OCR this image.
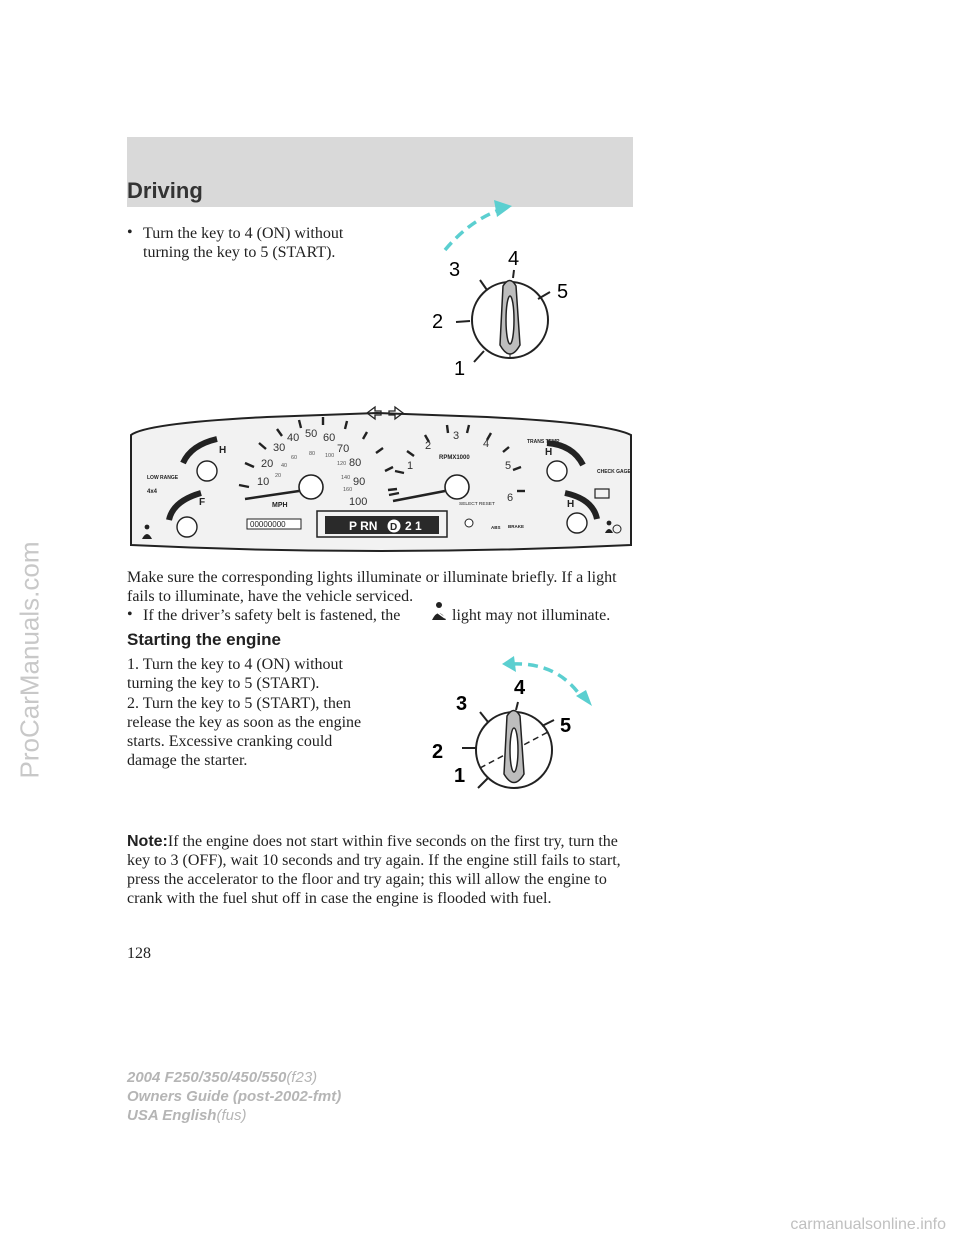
Driving
• Turn the key to 4 (ON) without turning the key to 5 (START).
1
2
3 4
5
10
20
30
40 50 60
70
80
90
100
20
40
60
80 100
120
140
160
MPH
1
2
3
4
5
6
RPMX1000
SELECT RESET
H
F
LOW RANGE
4x4
H
H
TRANS TEMP
CHECK GAGE
BRAKE
ABS
00000000	P RN D 2 1
Make sure the corresponding lights illuminate or illuminate briefly. If a light fails to illuminate, have the vehicle serviced.
• If the driver’s safety belt is fastened, the	light may not illuminate.
Starting the engine
1. Turn the key to 4 (ON) without turning the key to 5 (START).
2. Turn the key to 5 (START), then release the key as soon as the engine starts. Excessive cranking could damage the starter.
1
2
3
4
5
Note:If the engine does not start within five seconds on the first try, turn the key to 3 (OFF), wait 10 seconds and try again. If the engine still fails to start, press the accelerator to the floor and try again; this will allow the engine to crank with the fuel shut off in case the engine is flooded with fuel.
128
2004 F250/350/450/550(f23)
Owners Guide (post-2002-fmt)
USA English(fus)
ProCarManuals.com
carmanualsonline.info
